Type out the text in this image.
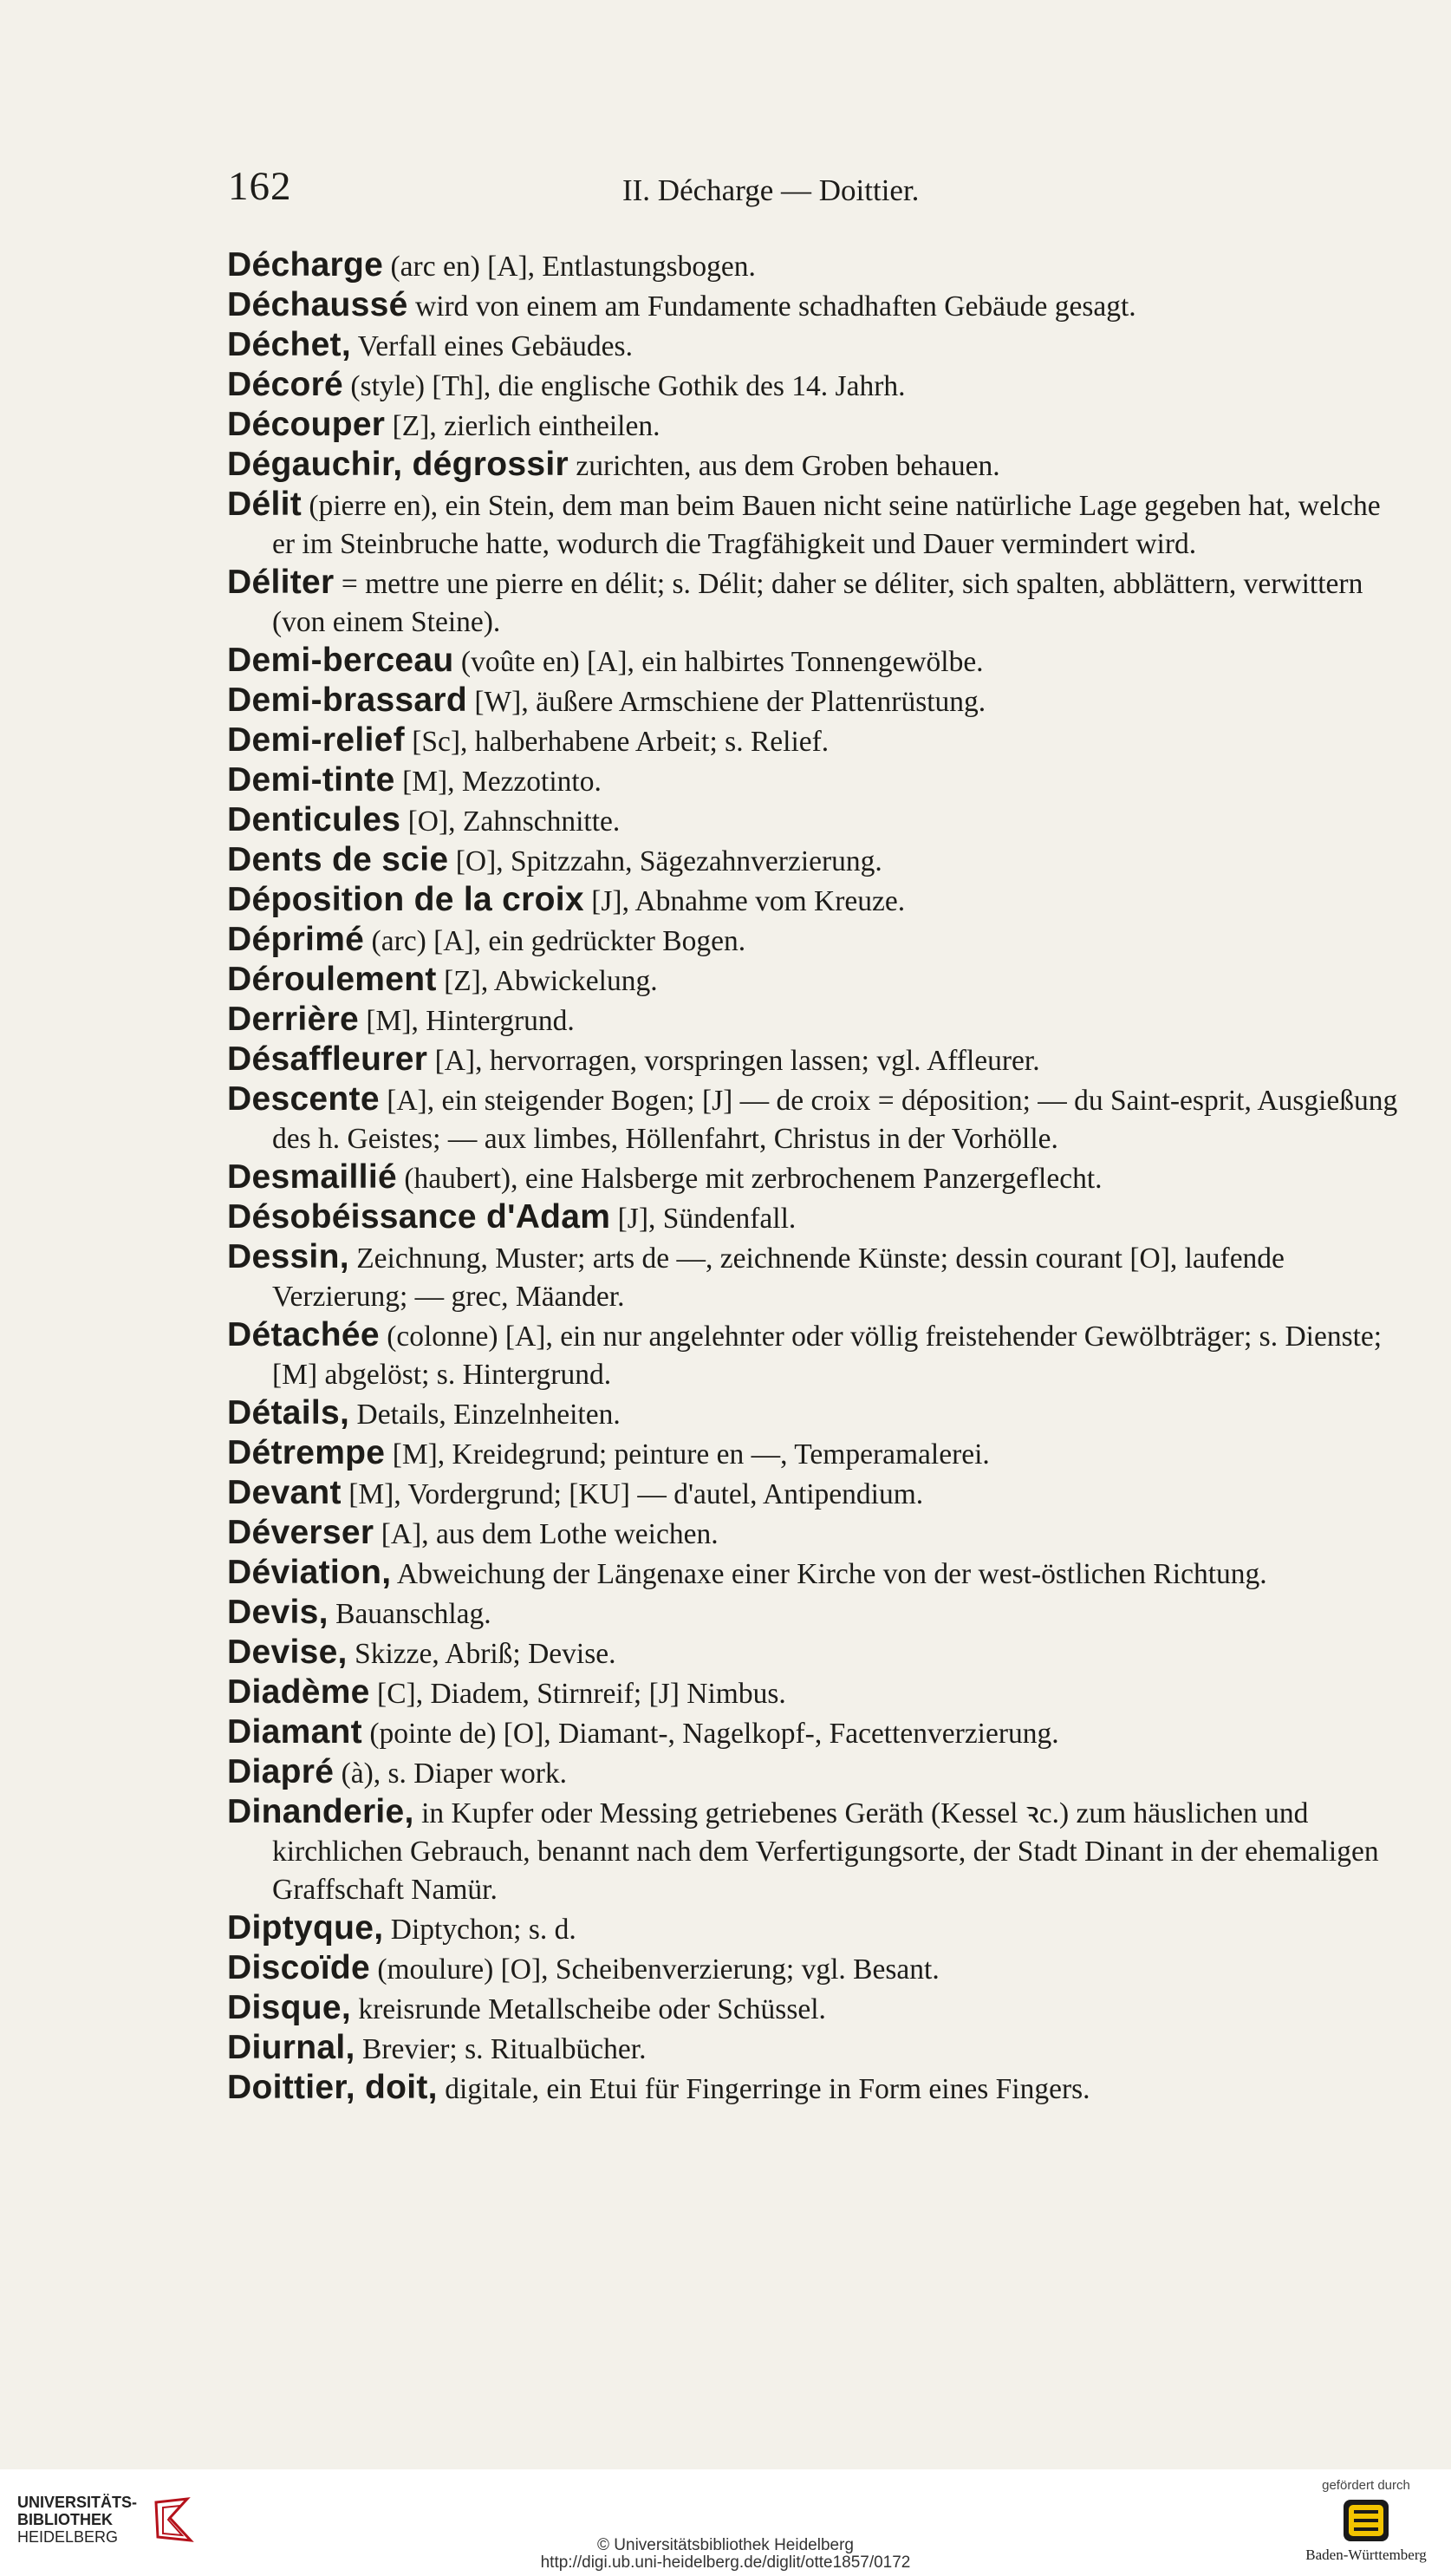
162	II. Décharge — Doittier.

Décharge (arc en) [A], Entlastungsbogen.

Déchaussé wird von einem am Fundamente schadhaften Gebäude gesagt.

Déchet, Verfall eines Gebäudes.

Décoré (style) [Th], die englische Gothik des 14. Jahrh.

Découper [Z], zierlich eintheilen.

Dégauchir, dégrossir zurichten, aus dem Groben behauen.

Délit (pierre en), ein Stein, dem man beim Bauen nicht seine natürliche Lage gegeben hat, welche er im Steinbruche hatte, wodurch die Tragfähigkeit und Dauer vermindert wird.

Déliter = mettre une pierre en délit; s. Délit; daher se déliter, sich spalten, abblättern, verwittern (von einem Steine).

Demi-berceau (voûte en) [A], ein halbirtes Tonnengewölbe.

Demi-brassard [W], äußere Armschiene der Plattenrüstung.

Demi-relief [Sc], halberhabene Arbeit; s. Relief.

Demi-tinte [M], Mezzotinto.

Denticules [O], Zahnschnitte.

Dents de scie [O], Spitzzahn, Sägezahnverzierung.

Déposition de la croix [J], Abnahme vom Kreuze.

Déprimé (arc) [A], ein gedrückter Bogen.

Déroulement [Z], Abwickelung.

Derrière [M], Hintergrund.

Désaffleurer [A], hervorragen, vorspringen lassen; vgl. Affleurer.

Descente [A], ein steigender Bogen; [J] — de croix = déposition; — du Saint-esprit, Ausgießung des h. Geistes; — aux limbes, Höllenfahrt, Christus in der Vorhölle.

Desmaillié (haubert), eine Halsberge mit zerbrochenem Panzergeflecht.

Désobéissance d'Adam [J], Sündenfall.

Dessin, Zeichnung, Muster; arts de —, zeichnende Künste; dessin courant [O], laufende Verzierung; — grec, Mäander.

Détachée (colonne) [A], ein nur angelehnter oder völlig freistehender Gewölbträger; s. Dienste; [M] abgelöst; s. Hintergrund.

Détails, Details, Einzelnheiten.

Détrempe [M], Kreidegrund; peinture en —, Temperamalerei.

Devant [M], Vordergrund; [KU] — d'autel, Antipendium.

Déverser [A], aus dem Lothe weichen.

Déviation, Abweichung der Längenaxe einer Kirche von der west-östlichen Richtung.

Devis, Bauanschlag.

Devise, Skizze, Abriß; Devise.

Diadème [C], Diadem, Stirnreif; [J] Nimbus.

Diamant (pointe de) [O], Diamant-, Nagelkopf-, Facettenverzierung.

Diapré (à), s. Diaper work.

Dinanderie, in Kupfer oder Messing getriebenes Geräth (Kessel ꝛc.) zum häuslichen und kirchlichen Gebrauch, benannt nach dem Verfertigungsorte, der Stadt Dinant in der ehemaligen Graffschaft Namür.

Diptyque, Diptychon; s. d.

Discoïde (moulure) [O], Scheibenverzierung; vgl. Besant.

Disque, kreisrunde Metallscheibe oder Schüssel.

Diurnal, Brevier; s. Ritualbücher.

Doittier, doit, digitale, ein Etui für Fingerringe in Form eines Fingers.

UNIVERSITÄTS-
BIBLIOTHEK
HEIDELBERG	© Universitätsbibliothek Heidelberg
http://digi.ub.uni-heidelberg.de/diglit/otte1857/0172
gefördert durch
Baden-Württemberg
